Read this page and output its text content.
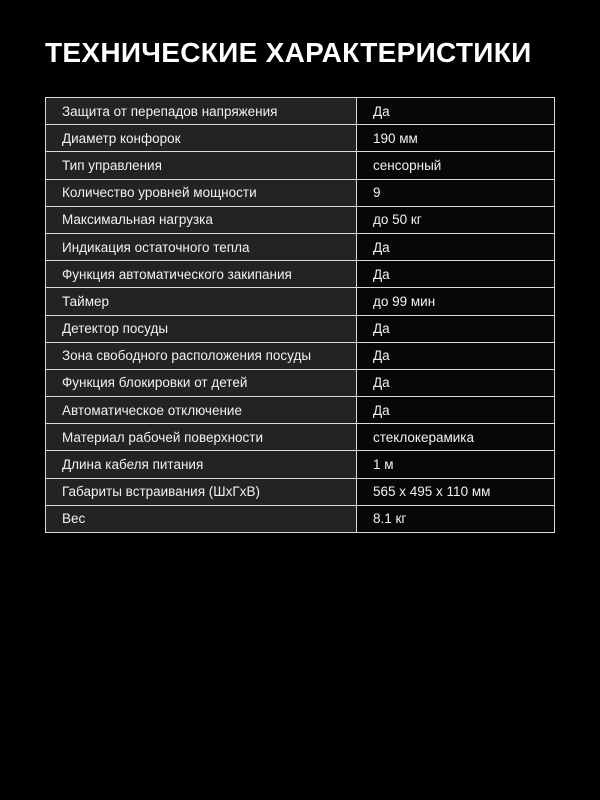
ТЕХНИЧЕСКИЕ ХАРАКТЕРИСТИКИ
Защита от перепадов напряжения	Да
Диаметр конфорок	190 мм
Тип управления	сенсорный
Количество уровней мощности	9
Максимальная нагрузка	до 50 кг
Индикация остаточного тепла	Да
Функция автоматического закипания	Да
Таймер	до 99 мин
Детектор посуды	Да
Зона свободного расположения посуды	Да
Функция блокировки от детей	Да
Автоматическое отключение	Да
Материал рабочей поверхности	стеклокерамика
Длина кабеля питания	1 м
Габариты встраивания (ШхГхВ)	565 x 495 x 110 мм
Вес	8.1 кг
